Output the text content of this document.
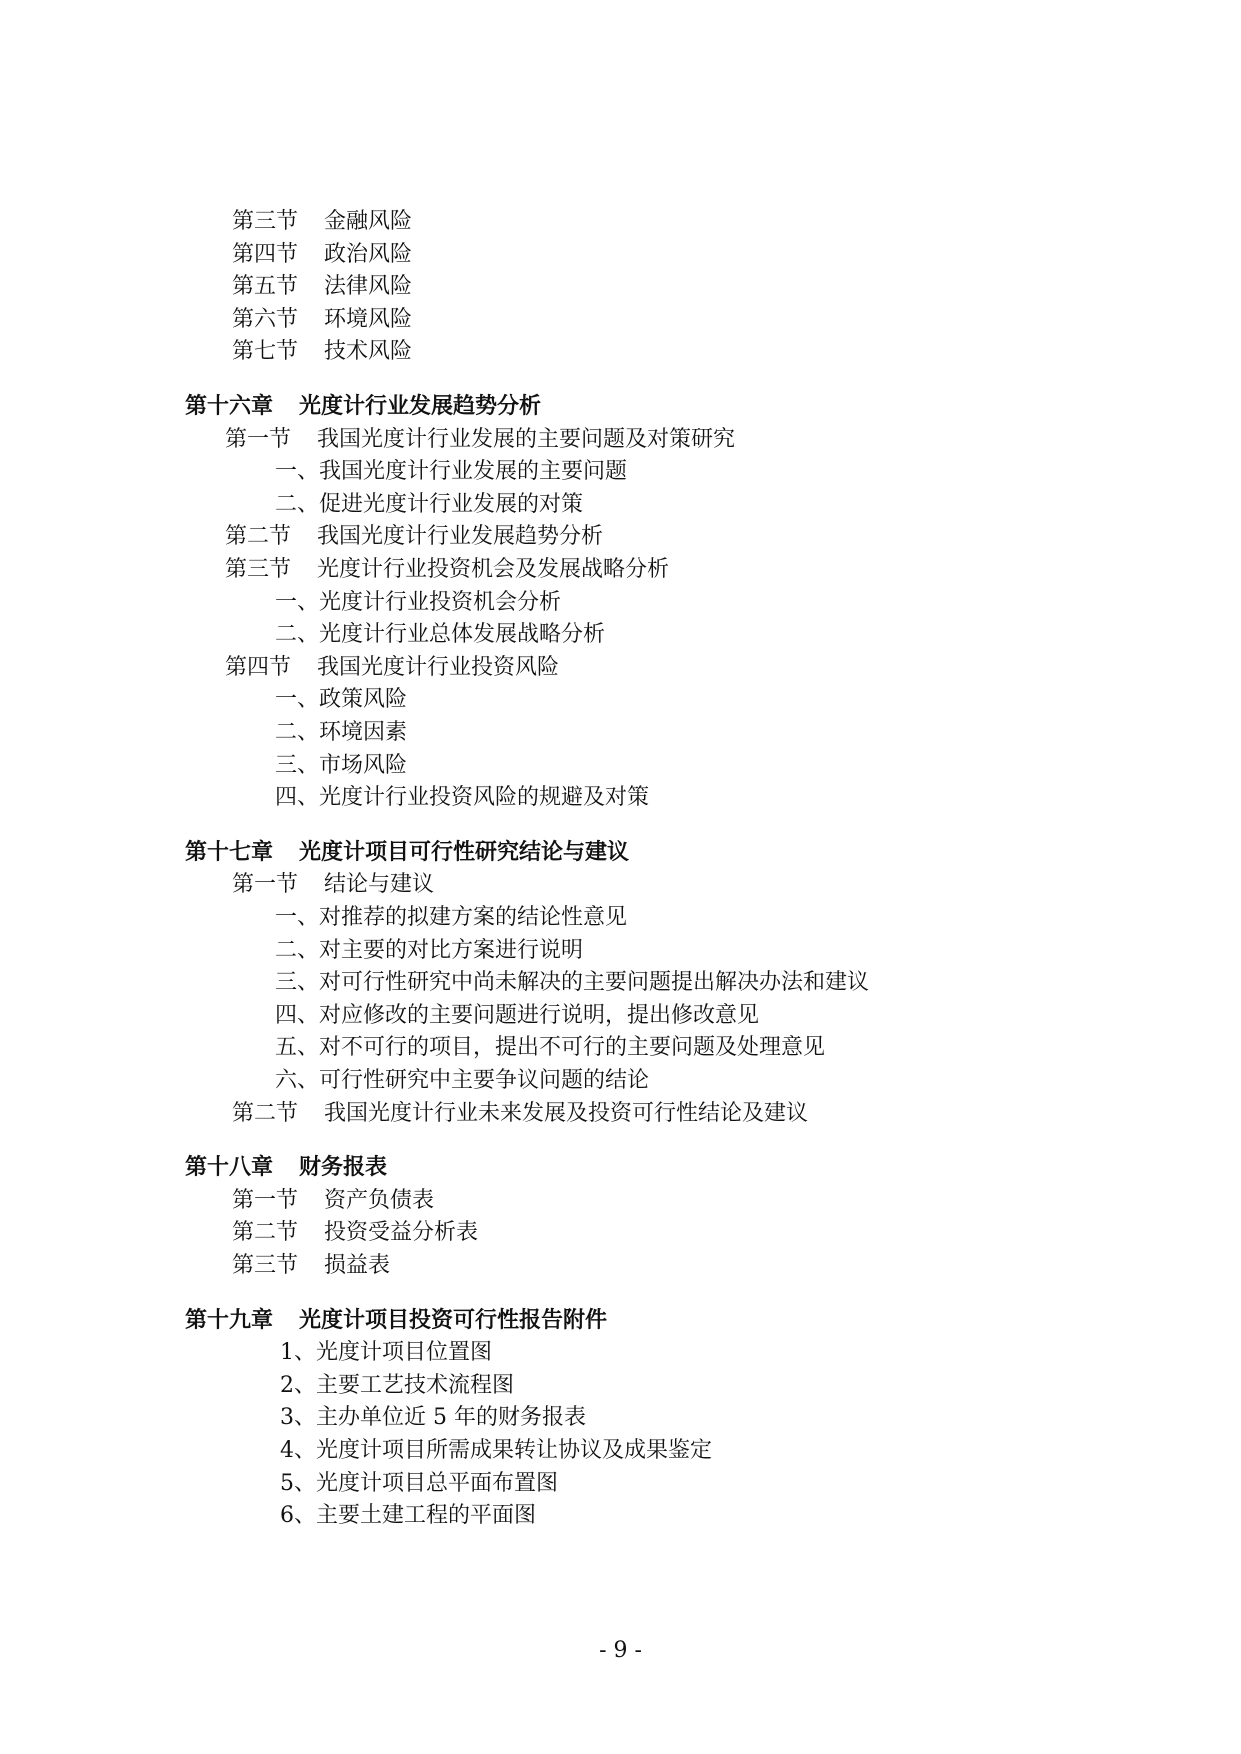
第三节 金融风险
第四节 政治风险
第五节 法律风险
第六节 环境风险
第七节 技术风险
第十六章 光度计行业发展趋势分析
第一节 我国光度计行业发展的主要问题及对策研究
一、我国光度计行业发展的主要问题
二、促进光度计行业发展的对策
第二节 我国光度计行业发展趋势分析
第三节 光度计行业投资机会及发展战略分析
一、光度计行业投资机会分析
二、光度计行业总体发展战略分析
第四节 我国光度计行业投资风险
一、政策风险
二、环境因素
三、市场风险
四、光度计行业投资风险的规避及对策
第十七章 光度计项目可行性研究结论与建议
第一节 结论与建议
一、对推荐的拟建方案的结论性意见
二、对主要的对比方案进行说明
三、对可行性研究中尚未解决的主要问题提出解决办法和建议
四、对应修改的主要问题进行说明，提出修改意见
五、对不可行的项目，提出不可行的主要问题及处理意见
六、可行性研究中主要争议问题的结论
第二节 我国光度计行业未来发展及投资可行性结论及建议
第十八章 财务报表
第一节 资产负债表
第二节 投资受益分析表
第三节 损益表
第十九章 光度计项目投资可行性报告附件
1、光度计项目位置图
2、主要工艺技术流程图
3、主办单位近 5 年的财务报表
4、光度计项目所需成果转让协议及成果鉴定
5、光度计项目总平面布置图
6、主要土建工程的平面图
- 9 -
